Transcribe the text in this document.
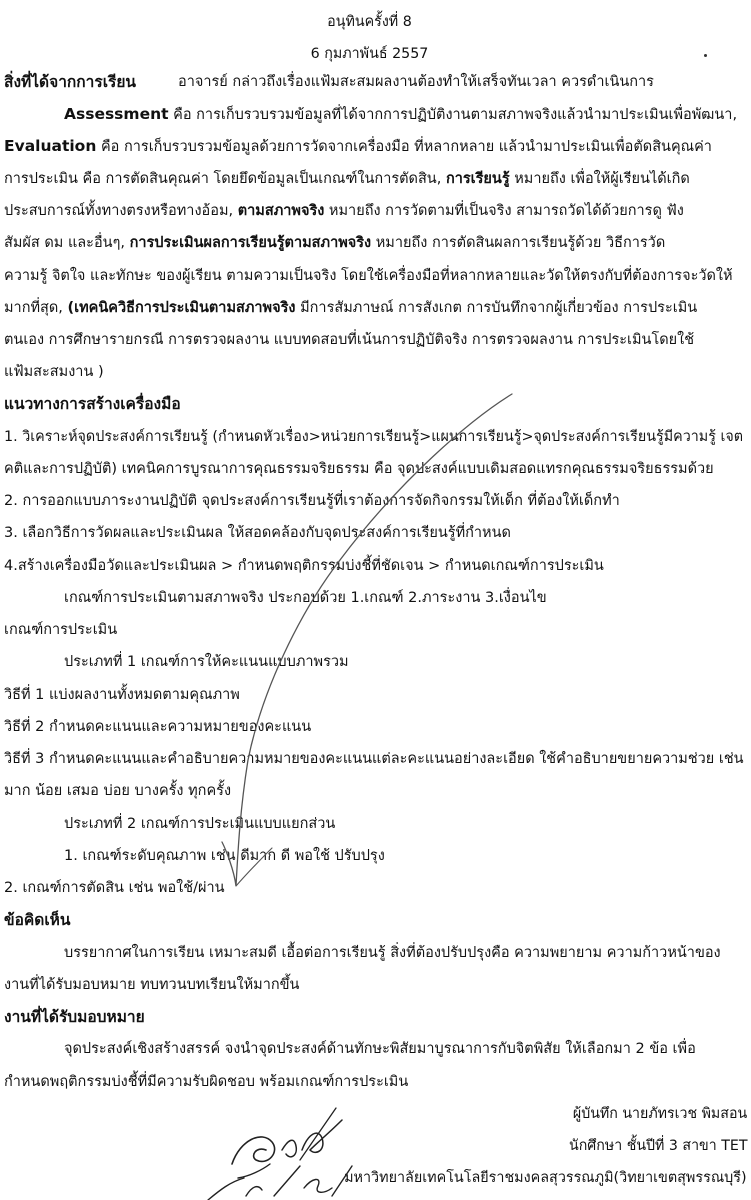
อนุทินครั้งที่ 8
6 กุมภาพันธ์ 2557
สิ่งที่ได้จากการเรียน	อาจารย์ กล่าวถึงเรื่องแฟ้มสะสมผลงานต้องทำให้เสร็จทันเวลา ควรดำเนินการ
Assessment คือ การเก็บรวบรวมข้อมูลที่ได้จากการปฏิบัติงานตามสภาพจริงแล้วนำมาประเมินเพื่อพัฒนา,
Evaluation คือ การเก็บรวบรวมข้อมูลด้วยการวัดจากเครื่องมือ ที่หลากหลาย แล้วนำมาประเมินเพื่อตัดสินคุณค่า
การประเมิน คือ การตัดสินคุณค่า โดยยึดข้อมูลเป็นเกณฑ์ในการตัดสิน, การเรียนรู้ หมายถึง เพื่อให้ผู้เรียนได้เกิด
ประสบการณ์ทั้งทางตรงหรือทางอ้อม, ตามสภาพจริง หมายถึง การวัดตามที่เป็นจริง สามารถวัดได้ด้วยการดู ฟัง
สัมผัส ดม และอื่นๆ, การประเมินผลการเรียนรู้ตามสภาพจริง หมายถึง การตัดสินผลการเรียนรู้ด้วย วิธีการวัด
ความรู้ จิตใจ และทักษะ ของผู้เรียน ตามความเป็นจริง โดยใช้เครื่องมือที่หลากหลายและวัดให้ตรงกับที่ต้องการจะวัดให้
มากที่สุด, (เทคนิควิธีการประเมินตามสภาพจริง มีการสัมภาษณ์ การสังเกต การบันทึกจากผู้เกี่ยวข้อง การประเมิน
ตนเอง การศึกษารายกรณี การตรวจผลงาน แบบทดสอบที่เน้นการปฏิบัติจริง การตรวจผลงาน การประเมินโดยใช้
แฟ้มสะสมงาน )
แนวทางการสร้างเครื่องมือ
1. วิเคราะห์จุดประสงค์การเรียนรู้ (กำหนดหัวเรื่อง>หน่วยการเรียนรู้>แผนการเรียนรู้>จุดประสงค์การเรียนรู้มีความรู้ เจต
คติและการปฏิบัติ) เทคนิคการบูรณาการคุณธรรมจริยธรรม คือ จุดปะสงค์แบบเดิมสอดแทรกคุณธรรมจริยธรรมด้วย
2. การออกแบบภาระงานปฏิบัติ จุดประสงค์การเรียนรู้ที่เราต้องการจัดกิจกรรมให้เด็ก ที่ต้องให้เด็กทำ
3. เลือกวิธีการวัดผลและประเมินผล ให้สอดคล้องกับจุดประสงค์การเรียนรู้ที่กำหนด
4.สร้างเครื่องมือวัดและประเมินผล > กำหนดพฤติกรรมบ่งชี้ที่ชัดเจน > กำหนดเกณฑ์การประเมิน
เกณฑ์การประเมินตามสภาพจริง ประกอบด้วย 1.เกณฑ์ 2.ภาระงาน 3.เงื่อนไข
เกณฑ์การประเมิน
ประเภทที่ 1 เกณฑ์การให้คะแนนแบบภาพรวม
วิธีที่ 1 แบ่งผลงานทั้งหมดตามคุณภาพ
วิธีที่ 2 กำหนดคะแนนและความหมายของคะแนน
วิธีที่ 3 กำหนดคะแนนและคำอธิบายความหมายของคะแนนแต่ละคะแนนอย่างละเอียด ใช้คำอธิบายขยายความช่วย เช่น
มาก น้อย เสมอ บ่อย บางครั้ง ทุกครั้ง
ประเภทที่ 2 เกณฑ์การประเมินแบบแยกส่วน
1. เกณฑ์ระดับคุณภาพ เช่น ดีมาก ดี พอใช้ ปรับปรุง
2. เกณฑ์การตัดสิน เช่น พอใช้/ผ่าน
ข้อคิดเห็น
บรรยากาศในการเรียน เหมาะสมดี เอื้อต่อการเรียนรู้ สิ่งที่ต้องปรับปรุงคือ ความพยายาม ความก้าวหน้าของ
งานที่ได้รับมอบหมาย ทบทวนบทเรียนให้มากขึ้น
งานที่ได้รับมอบหมาย
จุดประสงค์เชิงสร้างสรรค์ จงนำจุดประสงค์ด้านทักษะพิสัยมาบูรณาการกับจิตพิสัย ให้เลือกมา 2 ข้อ เพื่อ
กำหนดพฤติกรรมบ่งชี้ที่มีความรับผิดชอบ พร้อมเกณฑ์การประเมิน
ผู้บันทึก นายภัทรเวช พิมสอน
นักศึกษา ชั้นปีที่ 3 สาขา TET
มหาวิทยาลัยเทคโนโลยีราชมงคลสุวรรณภูมิ(วิทยาเขตสุพรรณบุรี)
